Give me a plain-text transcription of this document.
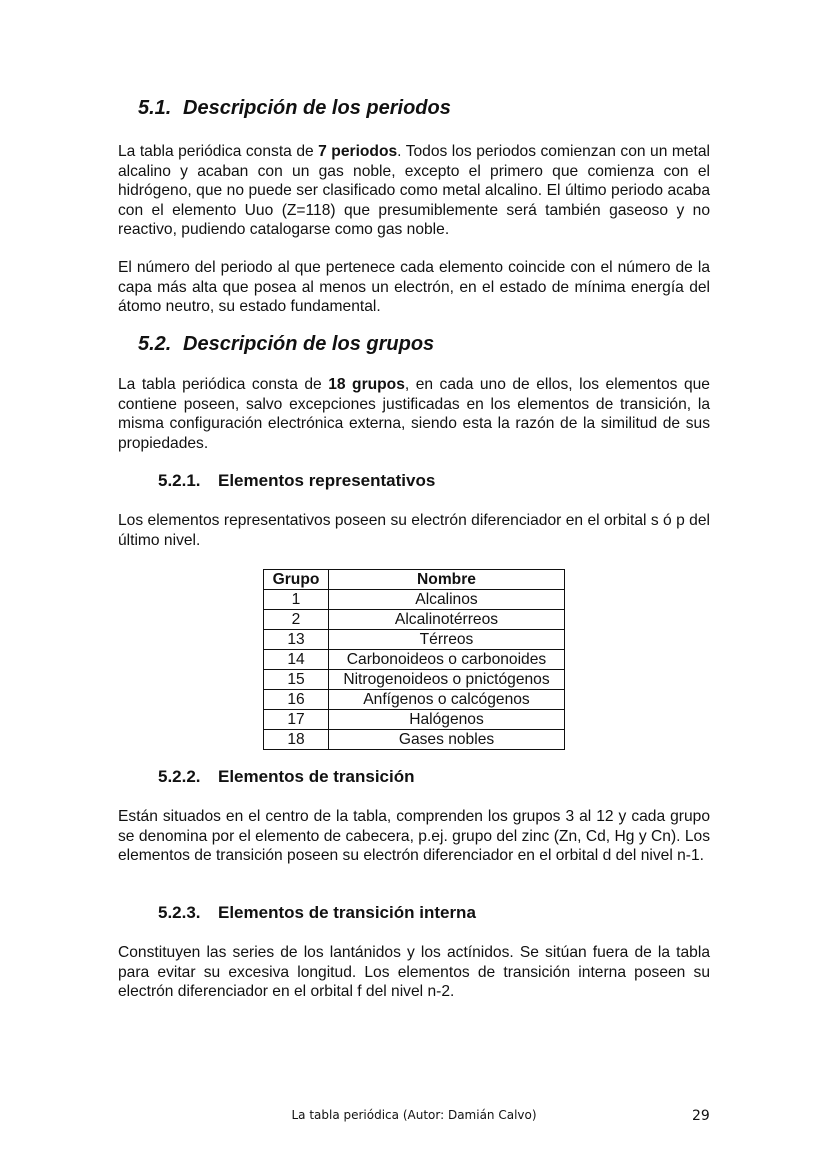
5.1. Descripción de los periodos

La tabla periódica consta de 7 periodos. Todos los periodos comienzan con un metal alcalino y acaban con un gas noble, excepto el primero que comienza con el hidrógeno, que no puede ser clasificado como metal alcalino. El último periodo acaba con el elemento Uuo (Z=118) que presumiblemente será también gaseoso y no reactivo, pudiendo catalogarse como gas noble.

El número del periodo al que pertenece cada elemento coincide con el número de la capa más alta que posea al menos un electrón, en el estado de mínima energía del átomo neutro, su estado fundamental.

5.2. Descripción de los grupos

La tabla periódica consta de 18 grupos, en cada uno de ellos, los elementos que contiene poseen, salvo excepciones justificadas en los elementos de transición, la misma configuración electrónica externa, siendo esta la razón de la similitud de sus propiedades.

5.2.1. Elementos representativos

Los elementos representativos poseen su electrón diferenciador en el orbital s ó p del último nivel.

Grupo	Nombre
1	Alcalinos
2	Alcalinotérreos
13	Térreos
14	Carbonoideos o carbonoides
15	Nitrogenoideos o pnictógenos
16	Anfígenos o calcógenos
17	Halógenos
18	Gases nobles
5.2.2. Elementos de transición

Están situados en el centro de la tabla, comprenden los grupos 3 al 12 y cada grupo se denomina por el elemento de cabecera, p.ej. grupo del zinc (Zn, Cd, Hg y Cn). Los elementos de transición poseen su electrón diferenciador en el orbital d del nivel n-1.

5.2.3. Elementos de transición interna

Constituyen las series de los lantánidos y los actínidos. Se sitúan fuera de la tabla para evitar su excesiva longitud. Los elementos de transición interna poseen su electrón diferenciador en el orbital f del nivel n-2.

La tabla periódica (Autor: Damián Calvo)	29
